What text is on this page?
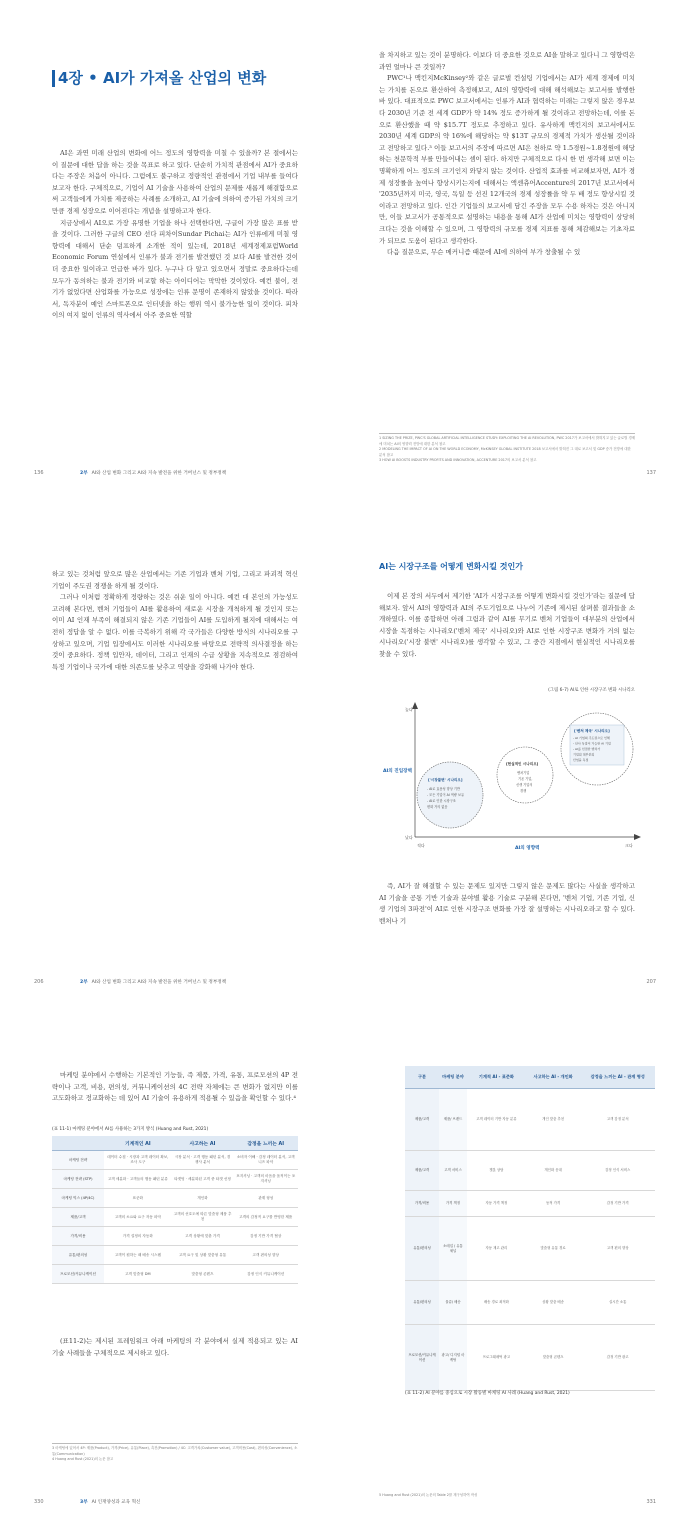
4장 • AI가 가져올 산업의 변화

AI은 과연 미래 산업의 변화에 어느 정도의 영향력을 미칠 수 있을까? 본 절에서는 이 질문에 대한 답을 하는 것을 목표로 하고 있다. 단순히 가치적 관점에서 AI가 중요하다는 주장은 처음이 아니다. 그럼에도 불구하고 정량적인 관점에서 기업 내부를 들여다보고자 한다. 구체적으로, 기업이 AI 기술을 사용하여 산업의 문제를 새롭게 해결함으로써 고객들에게 가치를 제공하는 사례를 소개하고, AI 기술에 의하여 증가된 가치의 크기만큼 경제 성장으로 이어진다는 개념을 설명하고자 한다.

지금상에서 AI으로 가장 유명한 기업을 하나 선택한다면, 구글이 가장 많은 표를 받을 것이다. 그러한 구글의 CEO 선다 피차이Sundar Pichai는 AI가 인류에게 미칠 영향력에 대해서 단순 덤프하게 소개한 적이 있는데, 2018년 세계경제포럼World Economic Forum 연설에서 인류가 불과 전기를 발견했던 것 보다 AI를 발견한 것이 더 중요한 일이라고 언급한 바가 있다. 누구나 다 알고 있으면서 정말로 중요하다는데 모두가 동의하는 불과 전기와 비교할 하는 아이디어는 막막한 것이었다. 예컨 불이, 전기가 없었다면 산업화를 가능으로 성장에는 인류 문명이 존재하지 않았을 것이다. 따라서, 독자분이 예인 스마트폰으로 인터넷을 하는 행위 역시 불가능한 일이 것이다. 피차이의 여지 없이 인류의 역사에서 아주 중요한 역할

136	2부 AI와 산업 변화 그리고 AI와 지속 발전을 위한 거버넌스 및 정부정책

을 차지하고 있는 것이 분명하다. 이보다 더 중요한 것으로 AI을 말하고 있다니 그 영향력은 과연 얼마나 큰 것일까?

PWC¹나 맥킨지McKinsey²와 같은 글로벌 컨설팅 기업에서는 AI가 세계 경제에 미치는 가치를 돈으로 환산하여 측정해보고, AI의 영향력에 대해 해석해보는 보고서를 발행한 바 있다. 대표적으로 PWC 보고서에서는 인류가 AI과 협력하는 미래는 그렇지 않은 경우보다 2030년 기준 전 세계 GDP가 약 14% 정도 증가하게 될 것이라고 전망하는데, 이를 돈으로 환산했을 때 약 $15.7T 정도로 추정하고 있다. 유사하게 맥킨지의 보고서에서도 2030년 세계 GDP의 약 16%에 해당하는 약 $13T 규모의 경제적 가치가 생산될 것이라고 전망하고 있다.³ 이들 보고서의 주장에 따르면 AI은 천하로 약 1.5경원~1.8경원에 해당하는 천문학적 부를 만들어내는 셈이 된다. 하지만 구체적으로 다시 한 번 생각해 보면 이는 명확하게 어느 정도의 크기인지 와닿지 않는 것이다. 산업적 효과를 비교해보자면, AI가 경제 성장률을 높여나 향상시키는지에 대해서는 액센츄어Accenture의 2017년 보고서에서 '2035년까지 미국, 영국, 독일 등 선진 12개국의 경제 성장률을 약 두 배 정도 향상시킬 것이라고 전망하고 있다. 인간 기업들의 보고서에 담긴 주장을 모두 수용 하자는 것은 아니지만, 이들 보고서가 공통적으로 설명하는 내용을 통해 AI가 산업에 미치는 영향력이 상당히 크다는 것을 이해할 수 있으며, 그 영향력의 규모를 경제 지표를 통해 체감해보는 기초자료가 되므로 도움이 된다고 생각한다.

다음 질문으로, 무슨 메커니즘 때문에 AI에 의하여 부가 창출될 수 있

1 SIZING THE PRIZE, PWC'S GLOBAL ARTIFICIAL INTELLIGENCE STUDY: EXPLOITING THE AI REVOLUTION, PWC 2017가 보고서에서 밝혀지고 있는 글로벌 경제에 미치는 AI의 영향력 전망에 대한 분석 참고
2 MODELING THE IMPACT OF AI ON THE WORLD ECONOMY, McKINSEY GLOBAL INSTITUTE 2018 보고서에서 밝혀진 그 대로 보고서 및 GDP 증가 전망에 대한 분석 참고
3 HOW AI BOOSTS INDUSTRY PROFITS AND INNOVATION, ACCENTURE 2017의 보고서 분석 참고
137

하고 있는 것처럼 앞으로 많은 산업에서는 기존 기업과 벤처 기업, 그리고 파괴적 혁신기업이 주도권 경쟁을 하게 될 것이다.

그러나 이처럼 정확하게 정량하는 것은 쉬운 일이 아니다. 예컨 대 본인의 가능성도 고려해 본다면, 벤처 기업들이 AI를 활용하여 새로운 시장을 개척하게 될 것인지 또는 이미 AI 인재 부족이 해결되지 않은 기존 기업들이 AI를 도입하게 될지에 대해서는 여전히 정답을 알 수 없다. 이를 극복하기 위해 각 국가들은 다양한 방식의 시나리오를 구상하고 있으며, 기업 입장에서도 이러한 시나리오를 바탕으로 전략적 의사결정을 하는 것이 중요하다. 정책 입안자, 데이터, 그리고 인재의 수급 상황을 지속적으로 점검하여 특정 기업이나 국가에 대한 의존도를 낮추고 역량을 강화해 나가야 한다.

206	2부 AI와 산업 변화 그리고 AI와 지속 발전을 위한 거버넌스 및 정부정책
AI는 시장구조를 어떻게 변화시킬 것인가

이제 본 장의 서두에서 제기한 'AI가 시장구조를 어떻게 변화시킬 것인가'라는 질문에 답해보자. 앞서 AI의 영향력과 AI의 주도기업으로 나누어 기존에 제시된 살펴볼 결과들을 소개하였다. 이를 종합하면 아래 그림과 같이 AI를 무기로 벤처 기업들이 대부분의 산업에서 시장을 독점하는 시나리오('벤처 제국' 시나리오)와 AI로 인한 시장구조 변화가 거의 없는 시나리오('시장 불변' 시나리오)를 생각할 수 있고, 그 중간 지점에서 현실적인 시나리오를 찾을 수 있다.

(그림 6-7) AI로 인한 시장구조 변화 시나리오
높다
낮다
AI의 진입장벽
적다	크다
AI의 영향력
['시장불변' 시나리오]
- AI로 효용성 향상 기반
- 모든 기업이 AI 역량 보유
- AI로 인한 시장구조
변화 거의 없음
[현실적인 시나리오]
벤처기업
기존 기업,
신생 기업의
경쟁
['벤처 제국' 시나리오]
- AI 기업의 주도권으로 인해
- 산사 독점이 가능한 AI 기업
- AI를 선점한 벤처가
기업의 대부분의
산업을 독점

즉, AI가 잘 해결할 수 있는 문제도 있지만 그렇지 않은 문제도 많다는 사실을 생각하고 AI 기술을 공통 기반 기술과 분야별 활용 기술로 구분해 본다면, '벤처 기업, 기존 기업, 신생 기업의 3파전'이 AI로 인한 시장구조 변화를 가장 잘 설명하는 시나리오라고 할 수 있다. 벤처나 기

207

마케팅 분야에서 수행하는 기본적인 기능들, 즉 제품, 가격, 유통, 프로모션의 4P 전략이나 고객, 비용, 편의성, 커뮤니케이션의 4C 전략 자체에는 큰 변화가 없지만 이를 고도화하고 정교화하는 데 있어 AI 기술이 유용하게 적용될 수 있음을 확인할 수 있다.⁴

(표 11-1) 마케팅 분야에서 AI를 사용하는 3가지 방식 (Huang and Rust, 2021)
	기계적인 AI	사고하는 AI	감정을 느끼는 AI
마케팅 전략	데이터 수집 · 시장과 고객 데이터 확보, 조사 도구	시장 분석 · 고객 행동 패턴 분석, 경쟁사 분석	소비자 이해 · 감정 데이터 분석, 고객 니즈 파악
마케팅 전략 (STP)	고객 세분화 · 고객들의 행동 패턴 분류	타겟팅 · 세분화된 고객 중 타겟 선정	포지셔닝 · 고객의 마음을 움직이는 포지셔닝
마케팅 믹스 (4P/4C)	표준화	개인화	관계 형성
제품/고객	고객의 소요와 요구 자동 파악	고객의 선호도에 따른 맞춤형 제품 추천	고객의 감정적 요구를 반영한 제품
가격/비용	가격 설정의 자동화	고객 상황에 맞춘 가격	감정 기반 가격 협상
유통/편의성	고객이 원하는 때 배송 시스템	고객 요구 및 상황 맞춤형 유통	고객 편의성 향상
프로모션/커뮤니케이션	고객 맞춤형 DM	맞춤형 콘텐츠	감정 인식 커뮤니케이션

(표11-2)는 제시된 프레임워크 아래 마케팅의 각 분야에서 실제 적용되고 있는 AI 기술 사례들을 구체적으로 제시하고 있다.

3 마케팅에 있어서 4P: 제품(Product), 가격(Price), 유통(Place), 촉진(Promotion) / 4C: 고객가치(Customer value), 고객비용(Cost), 편의성(Convenience), 소통(Communication)
4 Huang and Rust (2021)의 논문 참고
330	3부 AI 인재양성과 교육 혁신
구분	마케팅 분야	기계적 AI - 표준화	사고하는 AI - 개인화	감정을 느끼는 AI - 관계 형성
제품/고객	제품/ 브랜드	고객 데이터 기반 자동 분류	개인 맞춤 추천	고객 감정 분석
제품/고객	고객 서비스	챗봇 상담	개인화 응대	감정 인식 서비스
가격/비용	가격 책정	자동 가격 책정	동적 가격	감정 기반 가격
유통/편의성	소매업 / 유통 채널	자동 재고 관리	맞춤형 유통 경로	고객 편의 향상
유통/편의성	물류/ 배송	배송 경로 최적화	상황 맞춤 배송	실시간 소통
프로모션/커뮤니케이션	광고/ 디지털 마케팅	프로그래매틱 광고	맞춤형 콘텐츠	감정 기반 광고
(표 11-2) AI 분야를 중심으로 시장 활동별 마케팅 AI 사례 (Huang and Rust, 2021)
5 Huang and Rust (2021)의 논문의 Table 2를 재구성하여 작성
331
